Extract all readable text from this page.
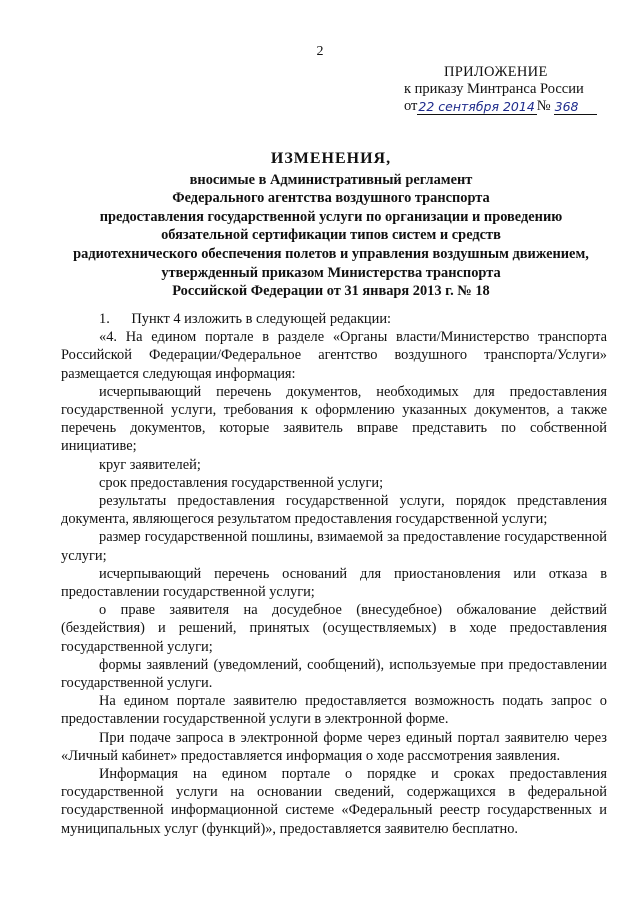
2
ПРИЛОЖЕНИЕ
к приказу Минтранса России
от 22 сентября 2014 № 368
ИЗМЕНЕНИЯ,
вносимые в Административный регламент
Федерального агентства воздушного транспорта
предоставления государственной услуги по организации и проведению
обязательной сертификации типов систем и средств
радиотехнического обеспечения полетов и управления воздушным движением,
утвержденный приказом Министерства транспорта
Российской Федерации от 31 января 2013 г. № 18

1.      Пункт 4 изложить в следующей редакции:

«4. На едином портале в разделе «Органы власти/Министерство транспорта Российской Федерации/Федеральное агентство воздушного транспорта/Услуги» размещается следующая информация:

исчерпывающий перечень документов, необходимых для предоставления государственной услуги, требования к оформлению указанных документов, а также перечень документов, которые заявитель вправе представить по собственной инициативе;

круг заявителей;

срок предоставления государственной услуги;

результаты предоставления государственной услуги, порядок представления документа, являющегося результатом предоставления государственной услуги;

размер государственной пошлины, взимаемой за предоставление государственной услуги;

исчерпывающий перечень оснований для приостановления или отказа в предоставлении государственной услуги;

о праве заявителя на досудебное (внесудебное) обжалование действий (бездействия) и решений, принятых (осуществляемых) в ходе предоставления государственной услуги;

формы заявлений (уведомлений, сообщений), используемые при предоставлении государственной услуги.

На едином портале заявителю предоставляется возможность подать запрос о предоставлении государственной услуги в электронной форме.

При подаче запроса в электронной форме через единый портал заявителю через «Личный кабинет» предоставляется информация о ходе рассмотрения заявления.

Информация на едином портале о порядке и сроках предоставления государственной услуги на основании сведений, содержащихся в федеральной государственной информационной системе «Федеральный реестр государственных и муниципальных услуг (функций)», предоставляется заявителю бесплатно.
